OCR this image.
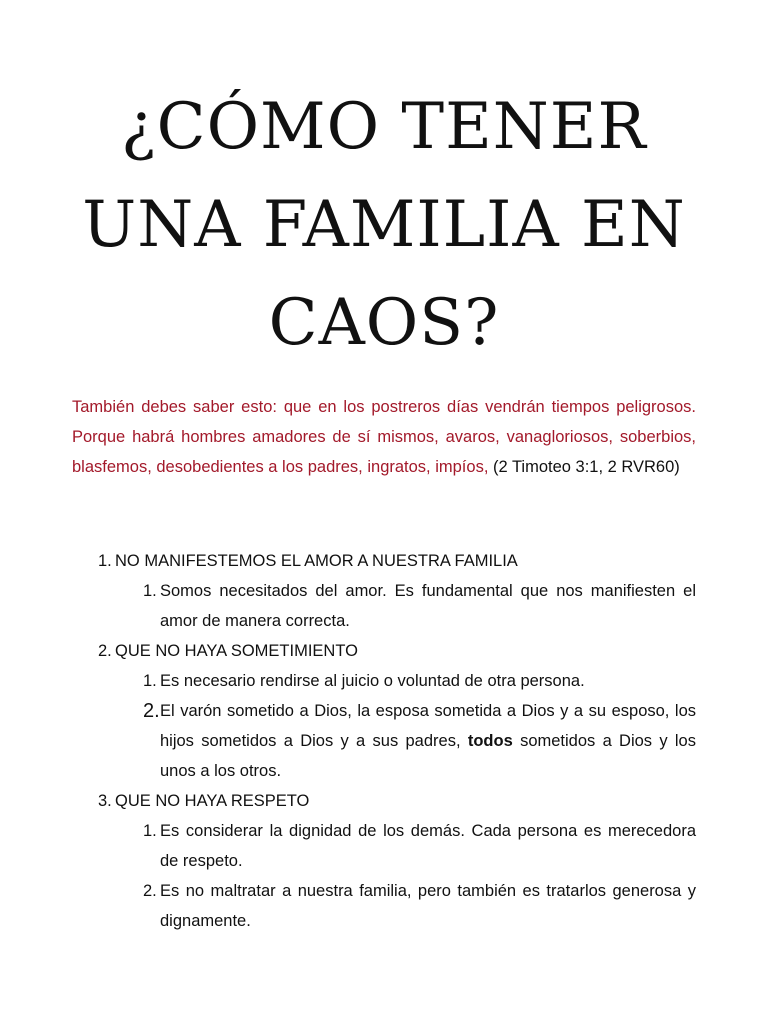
¿CÓMO TENER
UNA FAMILIA EN
CAOS?

También debes saber esto: que en los postreros días vendrán tiempos peligrosos. Porque habrá hombres amadores de sí mismos, avaros, vanagloriosos, soberbios, blasfemos, desobedientes a los padres, ingratos, impíos, (2 Timoteo 3:1, 2 RVR60)

1. NO MANIFESTEMOS EL AMOR A NUESTRA FAMILIA
1. Somos necesitados del amor. Es fundamental que nos manifiesten el amor de manera correcta.
2. QUE NO HAYA SOMETIMIENTO
1. Es necesario rendirse al juicio o voluntad de otra persona.
2. El varón sometido a Dios, la esposa sometida a Dios y a su esposo, los hijos sometidos a Dios y a sus padres, todos sometidos a Dios y los unos a los otros.
3. QUE NO HAYA RESPETO
1. Es considerar la dignidad de los demás. Cada persona es merecedora de respeto.
2. Es no maltratar a nuestra familia, pero también es tratarlos generosa y dignamente.
